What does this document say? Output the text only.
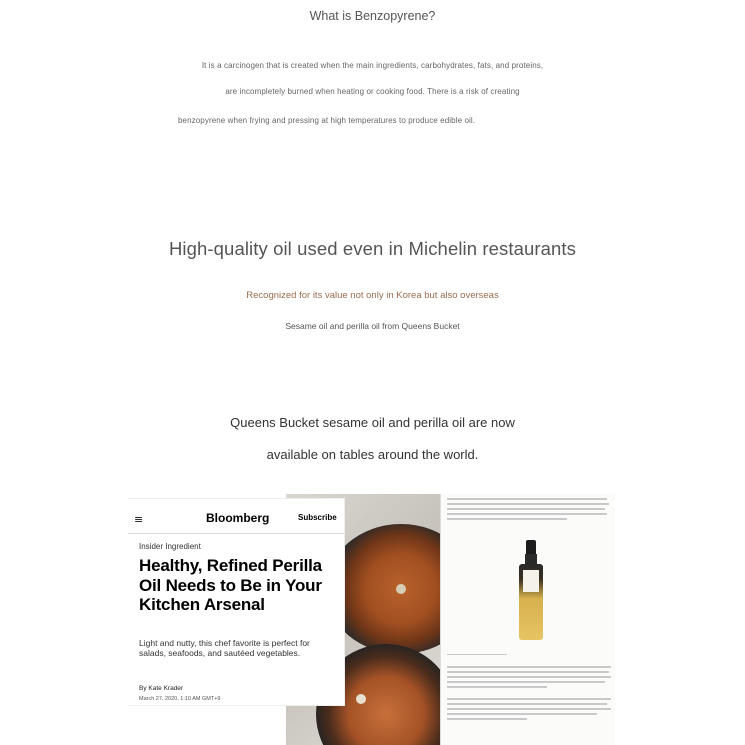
What is Benzopyrene?
It is a carcinogen that is created when the main ingredients, carbohydrates, fats, and proteins,
are incompletely burned when heating or cooking food. There is a risk of creating
benzopyrene when frying and pressing at high temperatures to produce edible oil.
High-quality oil used even in Michelin restaurants
Recognized for its value not only in Korea but also overseas
Sesame oil and perilla oil from Queens Bucket
Queens Bucket sesame oil and perilla oil are now
available on tables around the world.
≡	Bloomberg	Subscribe
Insider Ingredient
Healthy, Refined Perilla Oil Needs to Be in Your Kitchen Arsenal
Light and nutty, this chef favorite is perfect for salads, seafoods, and sautéed vegetables.
By Kate Krader
March 27, 2020, 1:10 AM GMT+9
